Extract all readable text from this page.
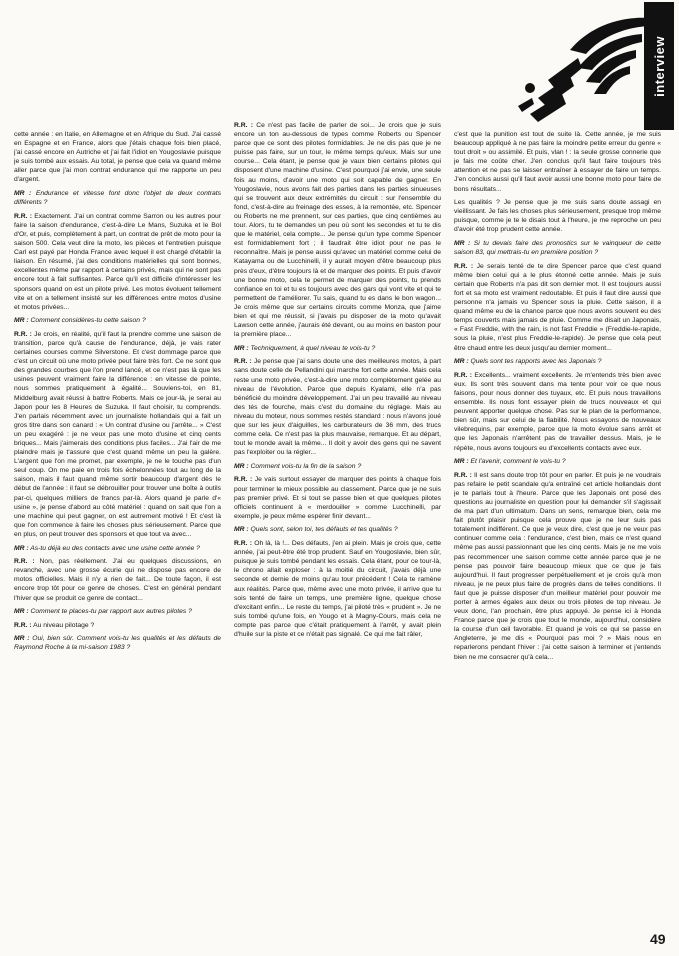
interview

cette année : en Italie, en Allemagne et en Afrique du Sud. J'ai cassé en Espagne et en France, alors que j'étais chaque fois bien placé, j'ai cassé encore en Autriche et j'ai fait l'idiot en Yougoslavie puisque je suis tombé aux essais. Au total, je pense que cela va quand même aller parce que j'ai mon contrat endurance qui me rapporte un peu d'argent.

MR : Endurance et vitesse font donc l'objet de deux contrats différents ?

R.R. : Exactement. J'ai un contrat comme Sarron ou les autres pour faire la saison d'endurance, c'est-à-dire Le Mans, Suzuka et le Bol d'Or, et puis, complètement à part, un contrat de prêt de moto pour la saison 500. Cela veut dire la moto, les pièces et l'entretien puisque Carl est payé par Honda France avec lequel il est chargé d'établir la liaison. En résumé, j'ai des conditions matérielles qui sont bonnes, excellentes même par rapport à certains privés, mais qui ne sont pas encore tout à fait suffisantes. Parce qu'il est difficile d'intéresser les sponsors quand on est un pilote privé. Les motos évoluent tellement vite et on a tellement insisté sur les différences entre motos d'usine et motos privées...

MR : Comment considères-tu cette saison ?

R.R. : Je crois, en réalité, qu'il faut la prendre comme une saison de transition, parce qu'à cause de l'endurance, déjà, je vais rater certaines courses comme Silverstone. Et c'est dommage parce que c'est un circuit où une moto privée peut faire très fort. Ce ne sont que des grandes courbes que l'on prend lancé, et ce n'est pas là que les usines peuvent vraiment faire la différence : en vitesse de pointe, nous sommes pratiquement à égalité... Souviens-toi, en 81, Middelburg avait réussi à battre Roberts. Mais ce jour-là, je serai au Japon pour les 8 Heures de Suzuka. Il faut choisir, tu comprends. J'en parlais récemment avec un journaliste hollandais qui a fait un gros titre dans son canard : « Un contrat d'usine ou j'arrête... » C'est un peu exagéré : je ne veux pas une moto d'usine et cinq cents briques... Mais j'aimerais des conditions plus faciles... J'ai l'air de me plaindre mais je t'assure que c'est quand même un peu la galère. L'argent que l'on me promet, par exemple, je ne le touche pas d'un seul coup. On me paie en trois fois échelonnées tout au long de la saison, mais il faut quand même sortir beaucoup d'argent dès le début de l'année : il faut se débrouiller pour trouver une boîte à outils par-ci, quelques milliers de francs par-là. Alors quand je parle d'« usine », je pense d'abord au côté matériel : quand on sait que l'on a une machine qui peut gagner, on est autrement motivé ! Et c'est là que l'on commence à faire les choses plus sérieusement. Parce que en plus, on peut trouver des sponsors et que tout va avec...

MR : As-tu déjà eu des contacts avec une usine cette année ?

R.R. : Non, pas réellement. J'ai eu quelques discussions, en revanche, avec une grosse écurie qui ne dispose pas encore de motos officielles. Mais il n'y a rien de fait... De toute façon, il est encore trop tôt pour ce genre de choses. C'est en général pendant l'hiver que se produit ce genre de contact...

MR : Comment te places-tu par rapport aux autres pilotes ?

R.R. : Au niveau pilotage ?

MR : Oui, bien sûr. Comment vois-tu les qualités et les défauts de Raymond Roche à la mi-saison 1983 ?

R.R. : Ce n'est pas facile de parler de soi... Je crois que je suis encore un ton au-dessous de types comme Roberts ou Spencer parce que ce sont des pilotes formidables. Je ne dis pas que je ne puisse pas faire, sur un tour, le même temps qu'eux. Mais sur une course... Cela étant, je pense que je vaux bien certains pilotes qui disposent d'une machine d'usine. C'est pourquoi j'ai envie, une seule fois au moins, d'avoir une moto qui soit capable de gagner. En Yougoslavie, nous avons fait des parties dans les parties sinueuses qui se trouvent aux deux extrémités du circuit : sur l'ensemble du fond, c'est-à-dire au freinage des esses, à la remontée, etc. Spencer ou Roberts ne me prennent, sur ces parties, que cinq centièmes au tour. Alors, tu te demandes un peu où sont les secondes et tu te dis que le matériel, cela compte... Je pense qu'un type comme Spencer est formidablement fort ; il faudrait être idiot pour ne pas le reconnaître. Mais je pense aussi qu'avec un matériel comme celui de Katayama ou de Lucchinelli, il y aurait moyen d'être beaucoup plus près d'eux, d'être toujours là et de marquer des points. Et puis d'avoir une bonne moto, cela te permet de marquer des points, tu prends confiance en toi et tu es toujours avec des gars qui vont vite et qui te permettent de t'améliorer. Tu sais, quand tu es dans le bon wagon... Je crois même que sur certains circuits comme Monza, que j'aime bien et qui me réussit, si j'avais pu disposer de la moto qu'avait Lawson cette année, j'aurais été devant, ou au moins en baston pour la première place...

MR : Techniquement, à quel niveau te vois-tu ?

R.R. : Je pense que j'ai sans doute une des meilleures motos, à part sans doute celle de Pellandini qui marche fort cette année. Mais cela reste une moto privée, c'est-à-dire une moto complètement gelée au niveau de l'évolution. Parce que depuis Kyalami, elle n'a pas bénéficié du moindre développement. J'ai un peu travaillé au niveau des tés de fourche, mais c'est du domaine du réglage. Mais au niveau du moteur, nous sommes restés standard : nous n'avons joué que sur les jeux d'aiguilles, les carburateurs de 36 mm, des trucs comme cela. Ce n'est pas la plus mauvaise, remarque. Et au départ, tout le monde avait la même... Il doit y avoir des gens qui ne savent pas l'exploiter ou la régler...

MR : Comment vois-tu la fin de la saison ?

R.R. : Je vais surtout essayer de marquer des points à chaque fois pour terminer le mieux possible au classement. Parce que je ne suis pas premier privé. Et si tout se passe bien et que quelques pilotes officiels continuent à « merdouiller » comme Lucchinelli, par exemple, je peux même espérer finir devant...

MR : Quels sont, selon toi, tes défauts et tes qualités ?

R.R. : Oh là, là !... Des défauts, j'en ai plein. Mais je crois que, cette année, j'ai peut-être été trop prudent. Sauf en Yougoslavie, bien sûr, puisque je suis tombé pendant les essais. Cela étant, pour ce tour-là, le chrono allait exploser : à la moitié du circuit, j'avais déjà une seconde et demie de moins qu'au tour précédent ! Cela te ramène aux réalités. Parce que, même avec une moto privée, il arrive que tu sois tenté de faire un temps, une première ligne, quelque chose d'excitant enfin... Le reste du temps, j'ai piloté très « prudent ». Je ne suis tombé qu'une fois, en Yougo et à Magny-Cours, mais cela ne compte pas parce que c'était pratiquement à l'arrêt, y avait plein d'huile sur la piste et ce n'était pas signalé. Ce qui me fait râler,

c'est que la punition est tout de suite là. Cette année, je me suis beaucoup appliqué à ne pas faire la moindre petite erreur du genre « tout droit » ou assimilé. Et puis, vlan ! : la seule grosse connerie que je fais me coûte cher. J'en conclus qu'il faut faire toujours très attention et ne pas se laisser entraîner à essayer de faire un temps. J'en conclus aussi qu'il faut avoir aussi une bonne moto pour faire de bons résultats...

Les qualités ? Je pense que je me suis sans doute assagi en vieillissant. Je fais les choses plus sérieusement, presque trop même puisque, comme je te le disais tout à l'heure, je me reproche un peu d'avoir été trop prudent cette année.

MR : Si tu devais faire des pronostics sur le vainqueur de cette saison 83, qui mettrais-tu en première position ?

R.R. : Je serais tenté de te dire Spencer parce que c'est quand même bien celui qui a le plus étonné cette année. Mais je suis certain que Roberts n'a pas dit son dernier mot. Il est toujours aussi fort et sa moto est vraiment redoutable. Et puis il faut dire aussi que personne n'a jamais vu Spencer sous la pluie. Cette saison, il a quand même eu de la chance parce que nous avons souvent eu des temps couverts mais jamais de pluie. Comme me disait un Japonais, « Fast Freddie, with the rain, is not fast Freddie » (Freddie-le-rapide, sous la pluie, n'est plus Freddie-le-rapide). Je pense que cela peut être chaud entre les deux jusqu'au dernier moment...

MR : Quels sont tes rapports avec les Japonais ?

R.R. : Excellents... vraiment excellents. Je m'entends très bien avec eux. Ils sont très souvent dans ma tente pour voir ce que nous faisons, pour nous donner des tuyaux, etc. Et puis nous travaillons ensemble. Ils nous font essayer plein de trucs nouveaux et qui peuvent apporter quelque chose. Pas sur le plan de la performance, bien sûr, mais sur celui de la fiabilité. Nous essayons de nouveaux vilebrequins, par exemple, parce que la moto évolue sans arrêt et que les Japonais n'arrêtent pas de travailler dessus. Mais, je le répète, nous avons toujours eu d'excellents contacts avec eux.

MR : Et l'avenir, comment le vois-tu ?

R.R. : Il est sans doute trop tôt pour en parler. Et puis je ne voudrais pas refaire le petit scandale qu'a entraîné cet article hollandais dont je te parlais tout à l'heure. Parce que les Japonais ont posé des questions au journaliste en question pour lui demander s'il s'agissait de ma part d'un ultimatum. Dans un sens, remarque bien, cela me fait plutôt plaisir puisque cela prouve que je ne leur suis pas totalement indifférent. Ce que je veux dire, c'est que je ne veux pas continuer comme cela : l'endurance, c'est bien, mais ce n'est quand même pas aussi passionnant que les cinq cents. Mais je ne me vois pas recommencer une saison comme cette année parce que je ne pense pas pouvoir faire beaucoup mieux que ce que je fais aujourd'hui. Il faut progresser perpétuellement et je crois qu'à mon niveau, je ne peux plus faire de progrès dans de telles conditions. Il faut que je puisse disposer d'un meilleur matériel pour pouvoir me porter à armes égales aux deux ou trois pilotes de top niveau. Je veux donc, l'an prochain, être plus appuyé. Je pense ici à Honda France parce que je crois que tout le monde, aujourd'hui, considère la course d'un œil favorable. Et quand je vois ce qui se passe en Angleterre, je me dis « Pourquoi pas moi ? » Mais nous en reparlerons pendant l'hiver : j'ai cette saison à terminer et j'entends bien ne me consacrer qu'à cela...

49
